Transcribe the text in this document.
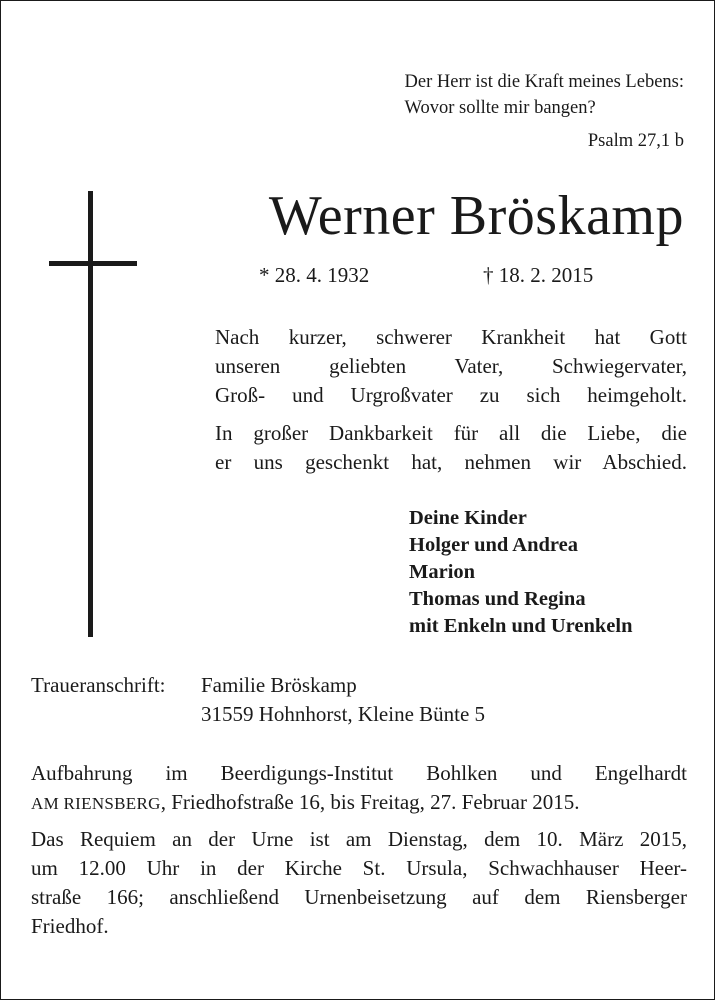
Der Herr ist die Kraft meines Lebens:
Wovor sollte mir bangen?
Psalm 27,1 b
Werner Bröskamp
* 28. 4. 1932	† 18. 2. 2015
Nach kurzer, schwerer Krankheit hat Gott
unseren geliebten Vater, Schwiegervater,
Groß- und Urgroßvater zu sich heimgeholt.
In großer Dankbarkeit für all die Liebe, die
er uns geschenkt hat, nehmen wir Abschied.
Deine Kinder
Holger und Andrea
Marion
Thomas und Regina
mit Enkeln und Urenkeln
Traueranschrift: Familie Bröskamp
31559 Hohnhorst, Kleine Bünte 5
Aufbahrung im Beerdigungs-Institut Bohlken und Engelhardt
AM RIENSBERG, Friedhofstraße 16, bis Freitag, 27. Februar 2015.
Das Requiem an der Urne ist am Dienstag, dem 10. März 2015,
um 12.00 Uhr in der Kirche St. Ursula, Schwachhauser Heer-
straße 166; anschließend Urnenbeisetzung auf dem Riensberger
Friedhof.
